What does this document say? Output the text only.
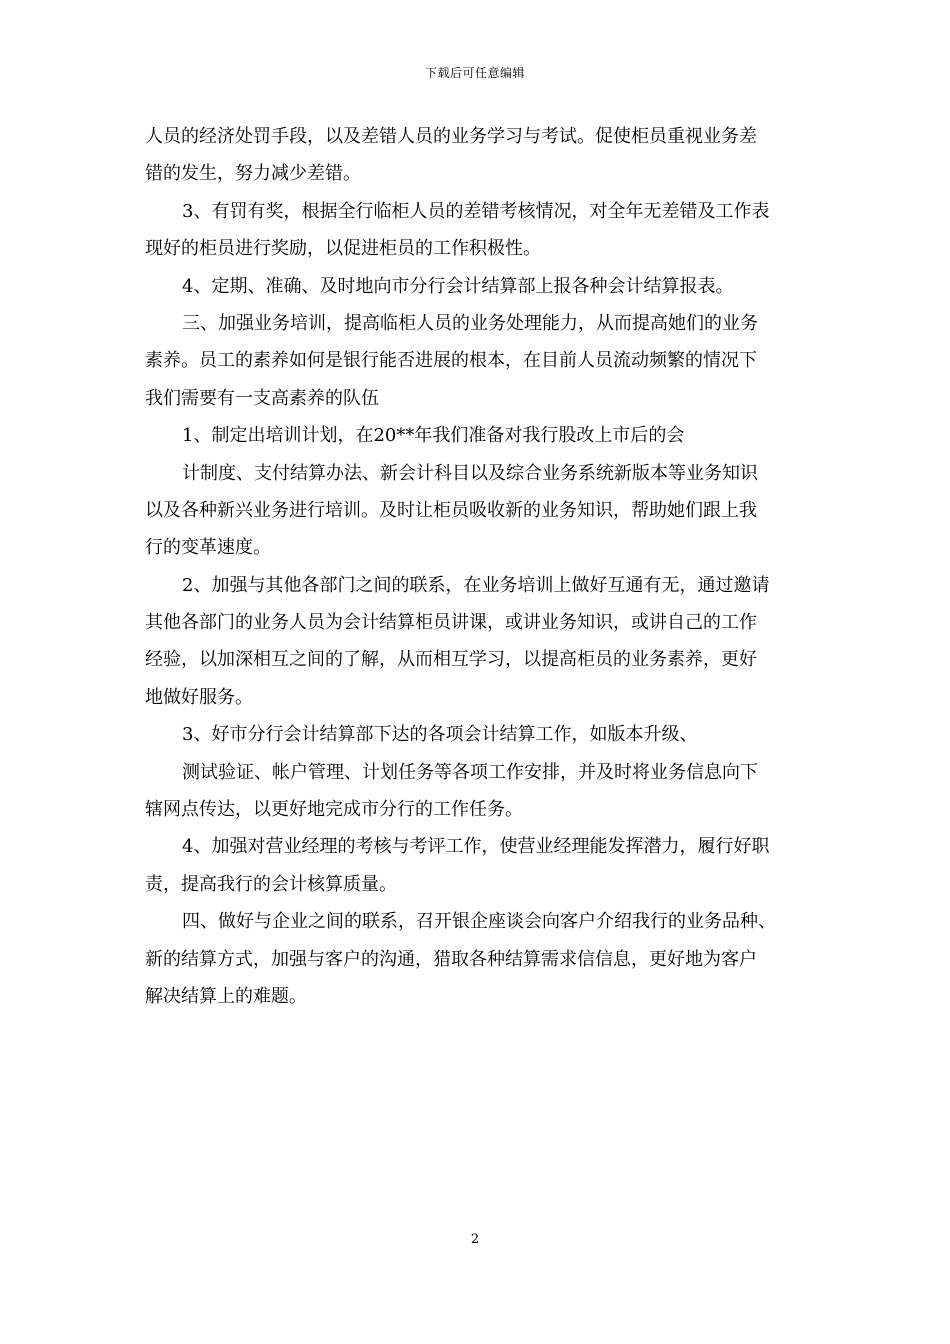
下载后可任意编辑
人员的经济处罚手段，以及差错人员的业务学习与考试。促使柜员重视业务差
错的发生，努力减少差错。
3、有罚有奖，根据全行临柜人员的差错考核情况，对全年无差错及工作表
现好的柜员进行奖励，以促进柜员的工作积极性。
4、定期、准确、及时地向市分行会计结算部上报各种会计结算报表。
三、加强业务培训，提高临柜人员的业务处理能力，从而提高她们的业务
素养。员工的素养如何是银行能否进展的根本，在目前人员流动频繁的情况下
我们需要有一支高素养的队伍
1、制定出培训计划，在20**年我们准备对我行股改上市后的会
计制度、支付结算办法、新会计科目以及综合业务系统新版本等业务知识
以及各种新兴业务进行培训。及时让柜员吸收新的业务知识，帮助她们跟上我
行的变革速度。
2、加强与其他各部门之间的联系，在业务培训上做好互通有无，通过邀请
其他各部门的业务人员为会计结算柜员讲课，或讲业务知识，或讲自己的工作
经验，以加深相互之间的了解，从而相互学习，以提高柜员的业务素养，更好
地做好服务。
3、好市分行会计结算部下达的各项会计结算工作，如版本升级、
测试验证、帐户管理、计划任务等各项工作安排，并及时将业务信息向下
辖网点传达，以更好地完成市分行的工作任务。
4、加强对营业经理的考核与考评工作，使营业经理能发挥潜力，履行好职
责，提高我行的会计核算质量。
四、做好与企业之间的联系，召开银企座谈会向客户介绍我行的业务品种、
新的结算方式，加强与客户的沟通，猎取各种结算需求信信息，更好地为客户
解决结算上的难题。
2
